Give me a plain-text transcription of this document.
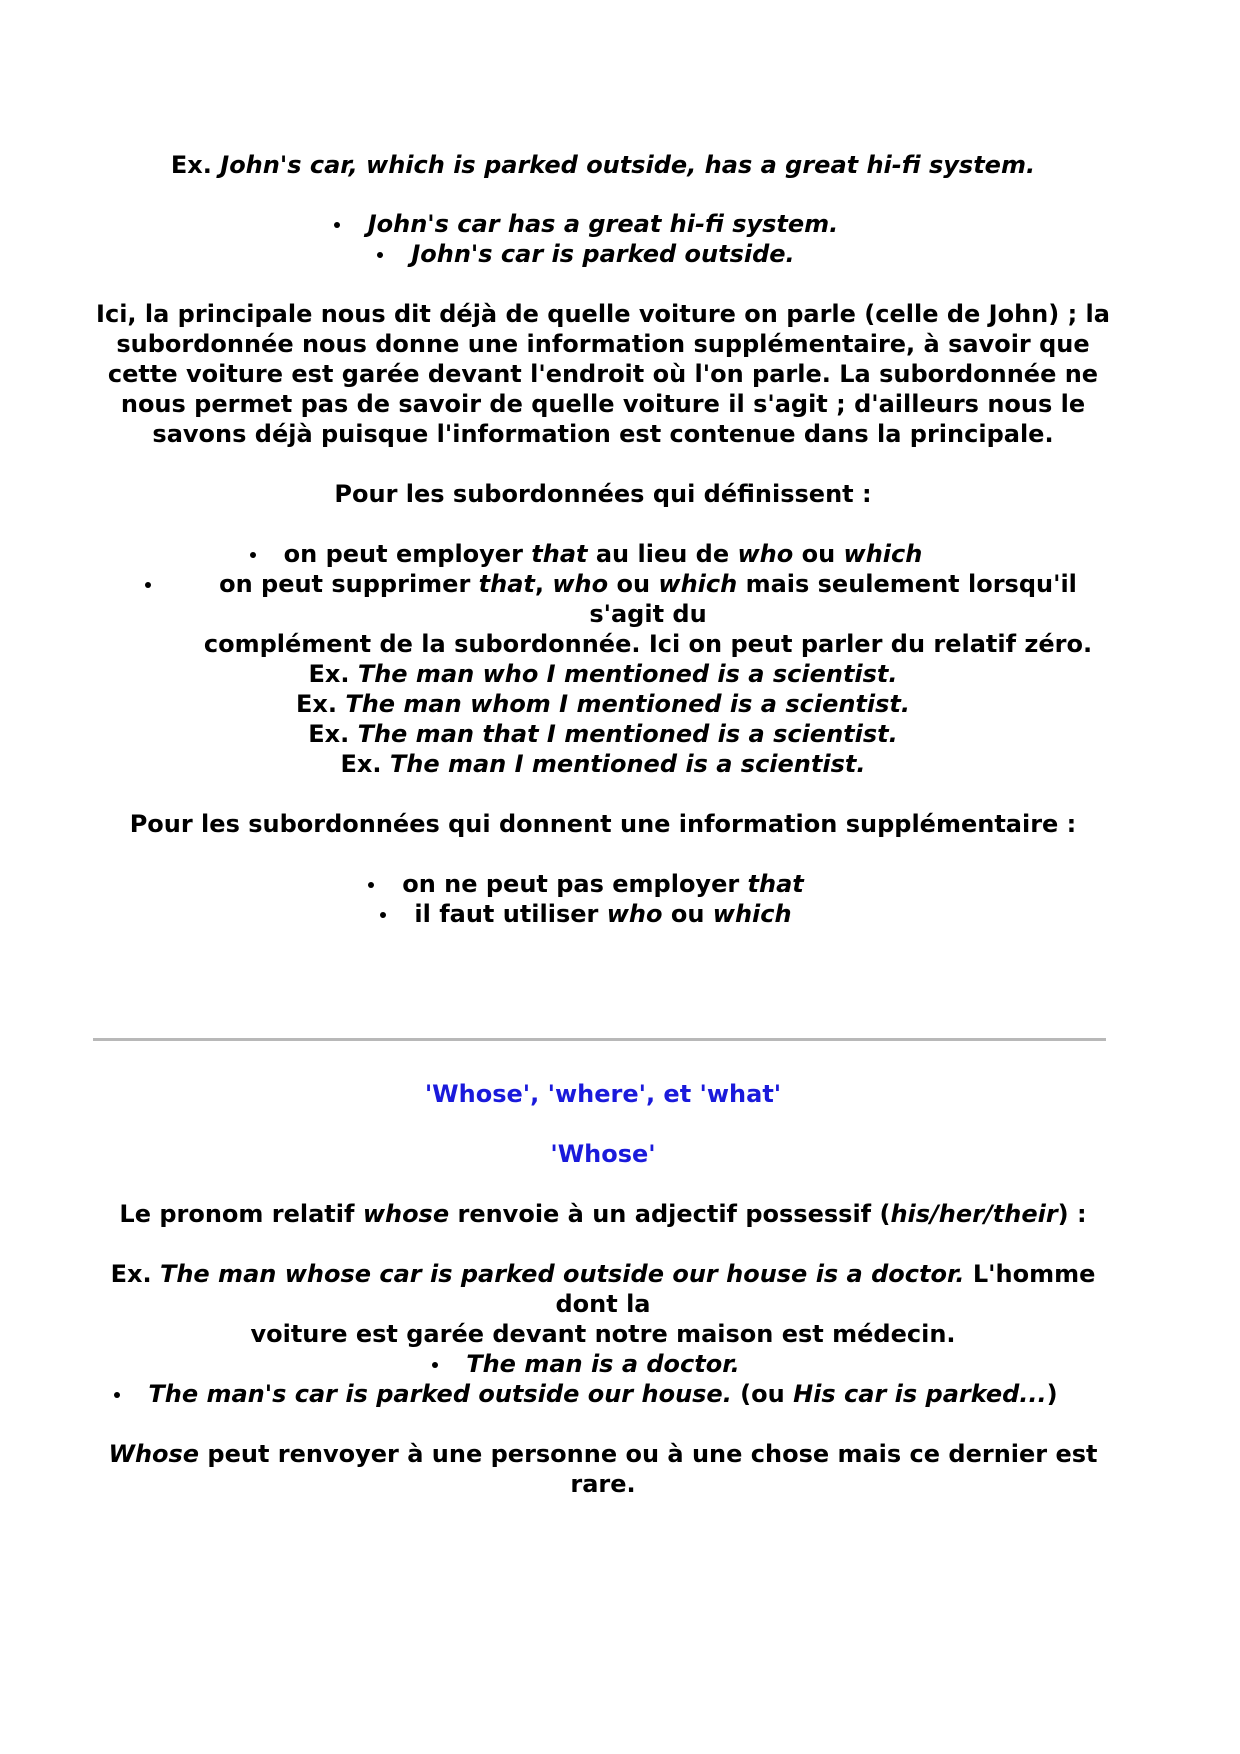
Ex. John's car, which is parked outside, has a great hi-fi system.

John's car has a great hi-fi system.

John's car is parked outside.

Ici, la principale nous dit déjà de quelle voiture on parle (celle de John) ; la subordonnée nous donne une information supplémentaire, à savoir que cette voiture est garée devant l'endroit où l'on parle. La subordonnée ne nous permet pas de savoir de quelle voiture il s'agit ; d'ailleurs nous le savons déjà puisque l'information est contenue dans la principale.

Pour les subordonnées qui définissent :

on peut employer that au lieu de who ou which

on peut supprimer that, who ou which mais seulement lorsqu'il s'agit du
complément de la subordonnée. Ici on peut parler du relatif zéro.

Ex. The man who I mentioned is a scientist.

Ex. The man whom I mentioned is a scientist.

Ex. The man that I mentioned is a scientist.

Ex. The man I mentioned is a scientist.

Pour les subordonnées qui donnent une information supplémentaire :

on ne peut pas employer that

il faut utiliser who ou which

'Whose', 'where', et 'what'

'Whose'

Le pronom relatif whose renvoie à un adjectif possessif (his/her/their) :

Ex. The man whose car is parked outside our house is a doctor. L'homme dont la
voiture est garée devant notre maison est médecin.

The man is a doctor.

The man's car is parked outside our house. (ou His car is parked...)

Whose peut renvoyer à une personne ou à une chose mais ce dernier est rare.
